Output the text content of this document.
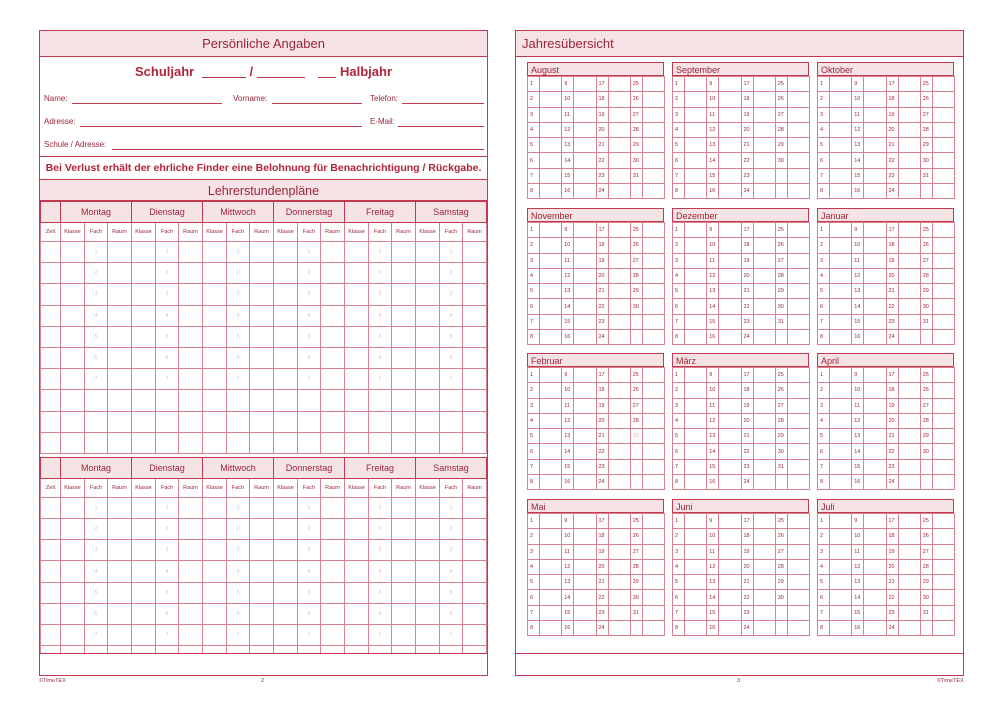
Persönliche Angaben
Schuljahr	/	Halbjahr
Name:	Vorname:	Telefon:
Adresse:	E-Mail:
Schule / Adresse:
Bei Verlust erhält der ehrliche Finder eine Belohnung für Benachrichtigung / Rückgabe.
Lehrerstundenpläne
	Montag			Dienstag			Mittwoch			Donnerstag			Freitag			Samstag		
Zeit	Klasse	Fach	Raum	Klasse	Fach	Raum	Klasse	Fach	Raum	Klasse	Fach	Raum	Klasse	Fach	Raum	Klasse	Fach	Raum
		1			1			1			1			1			1	
		2			2			2			2			2			2	
		3			3			3			3			3			3	
		4			4			4			4			4			4	
		5			5			5			5			5			5	
		6			6			6			6			6			6	
		7			7			7			7			7			7	

	Montag			Dienstag			Mittwoch			Donnerstag			Freitag			Samstag		
Zeit	Klasse	Fach	Raum	Klasse	Fach	Raum	Klasse	Fach	Raum	Klasse	Fach	Raum	Klasse	Fach	Raum	Klasse	Fach	Raum
		1			1			1			1			1			1	
		2			2			2			2			2			2	
		3			3			3			3			3			3	
		4			4			4			4			4			4	
		5			5			5			5			5			5	
		6			6			6			6			6			6	
		7			7			7			7			7			7	

©TimeTEX	2
Jahresübersicht
August
1		9		17		25	
2		10		18		26	
3		11		19		27	
4		12		20		28	
5		13		21		29	
6		14		22		30	
7		15		23		31	
8		16		24			
September
1		9		17		25	
2		10		18		26	
3		11		19		27	
4		12		20		28	
5		13		21		29	
6		14		22		30	
7		15		23			
8		16		24			
Oktober
1		9		17		25	
2		10		18		26	
3		11		19		27	
4		12		20		28	
5		13		21		29	
6		14		22		30	
7		15		23		31	
8		16		24			
November
1		9		17		25	
2		10		18		26	
3		11		19		27	
4		12		20		28	
5		13		21		29	
6		14		22		30	
7		15		23			
8		16		24			
Dezember
1		9		17		25	
2		10		18		26	
3		11		19		27	
4		12		20		28	
5		13		21		29	
6		14		22		30	
7		15		23		31	
8		16		24			
Januar
1		9		17		25	
2		10		18		26	
3		11		19		27	
4		12		20		28	
5		13		21		29	
6		14		22		30	
7		15		23		31	
8		16		24			
Februar
1		9		17		25	
2		10		18		26	
3		11		19		27	
4		12		20		28	
5		13		21		29	
6		14		22			
7		15		23			
8		16		24			
März
1		9		17		25	
2		10		18		26	
3		11		19		27	
4		12		20		28	
5		13		21		29	
6		14		22		30	
7		15		23		31	
8		16		24			
April
1		9		17		25	
2		10		18		26	
3		11		19		27	
4		12		20		28	
5		13		21		29	
6		14		22		30	
7		15		23			
8		16		24			
Mai
1		9		17		25	
2		10		18		26	
3		11		19		27	
4		12		20		28	
5		13		21		29	
6		14		22		30	
7		15		23		31	
8		16		24			
Juni
1		9		17		25	
2		10		18		26	
3		11		19		27	
4		12		20		28	
5		13		21		29	
6		14		22		30	
7		15		23			
8		16		24			
Juli
1		9		17		25	
2		10		18		26	
3		11		19		27	
4		12		20		28	
5		13		21		29	
6		14		22		30	
7		15		23		31	
8		16		24			
3	©TimeTEX
